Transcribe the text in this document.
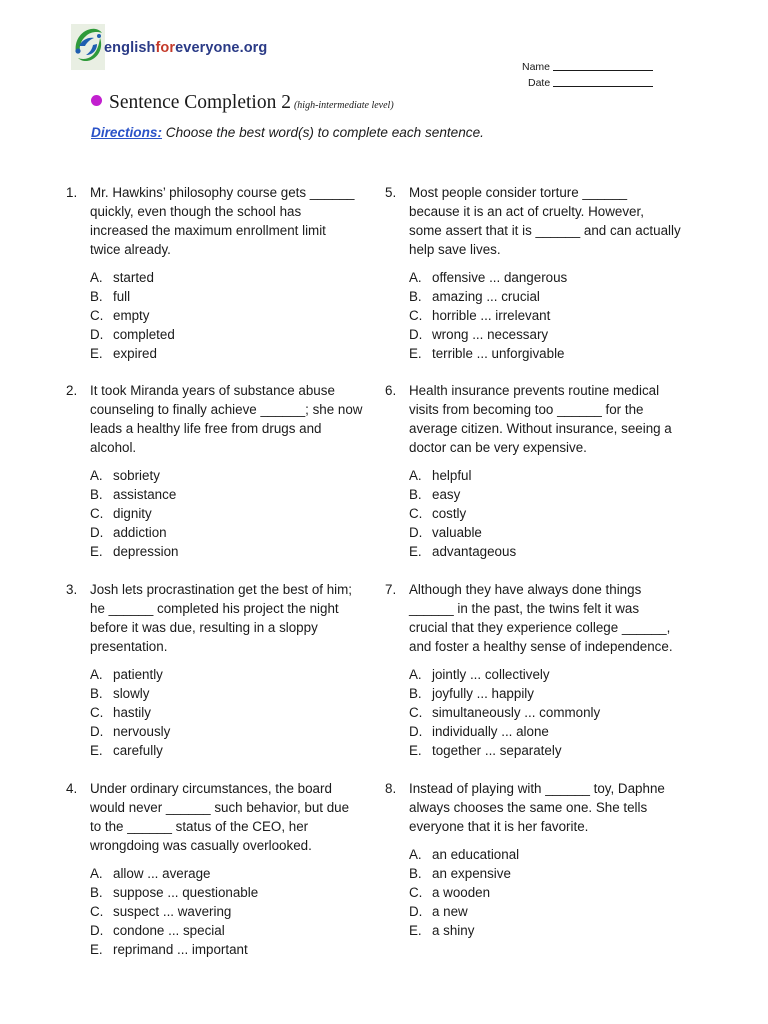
englishforeveryone.org
Name
Date
Sentence Completion 2 (high-intermediate level)
Directions: Choose the best word(s) to complete each sentence.
1. Mr. Hawkins’ philosophy course gets ______
quickly, even though the school has
increased the maximum enrollment limit
twice already.
A. started
B. full
C. empty
D. completed
E. expired
2. It took Miranda years of substance abuse
counseling to finally achieve ______; she now
leads a healthy life free from drugs and
alcohol.
A. sobriety
B. assistance
C. dignity
D. addiction
E. depression
3. Josh lets procrastination get the best of him;
he ______ completed his project the night
before it was due, resulting in a sloppy
presentation.
A. patiently
B. slowly
C. hastily
D. nervously
E. carefully
4. Under ordinary circumstances, the board
would never ______ such behavior, but due
to the ______ status of the CEO, her
wrongdoing was casually overlooked.
A. allow ... average
B. suppose ... questionable
C. suspect ... wavering
D. condone ... special
E. reprimand ... important
5. Most people consider torture ______
because it is an act of cruelty. However,
some assert that it is ______ and can actually
help save lives.
A. offensive ... dangerous
B. amazing ... crucial
C. horrible ... irrelevant
D. wrong ... necessary
E. terrible ... unforgivable
6. Health insurance prevents routine medical
visits from becoming too ______ for the
average citizen. Without insurance, seeing a
doctor can be very expensive.
A. helpful
B. easy
C. costly
D. valuable
E. advantageous
7. Although they have always done things
______ in the past, the twins felt it was
crucial that they experience college ______,
and foster a healthy sense of independence.
A. jointly ... collectively
B. joyfully ... happily
C. simultaneously ... commonly
D. individually ... alone
E. together ... separately
8. Instead of playing with ______ toy, Daphne
always chooses the same one. She tells
everyone that it is her favorite.
A. an educational
B. an expensive
C. a wooden
D. a new
E. a shiny
